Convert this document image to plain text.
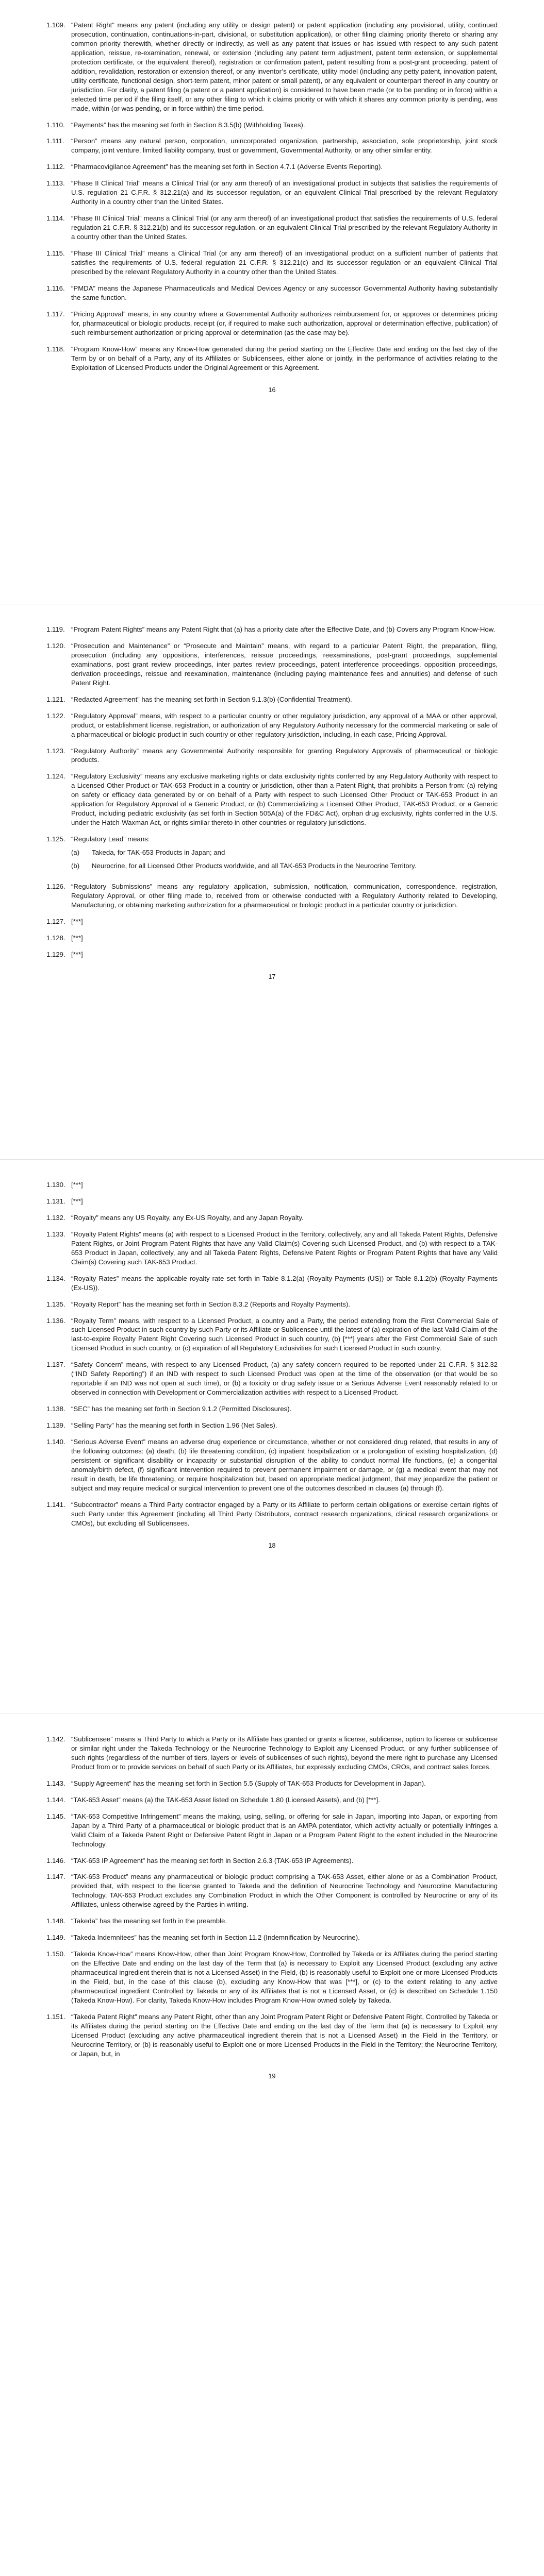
1.109. “Patent Right” means any patent (including any utility or design patent) or patent application (including any provisional, utility, continued prosecution, continuation, continuations-in-part, divisional, or substitution application), or other filing claiming priority thereto or sharing any common priority therewith, whether directly or indirectly, as well as any patent that issues or has issued with respect to any such patent application, reissue, re-examination, renewal, or extension (including any patent term adjustment, patent term extension, or supplemental protection certificate, or the equivalent thereof), registration or confirmation patent, patent resulting from a post-grant proceeding, patent of addition, revalidation, restoration or extension thereof, or any inventor’s certificate, utility model (including any petty patent, innovation patent, utility certificate, functional design, short-term patent, minor patent or small patent), or any equivalent or counterpart thereof in any country or jurisdiction. For clarity, a patent filing (a patent or a patent application) is considered to have been made (or to be pending or in force) within a selected time period if the filing itself, or any other filing to which it claims priority or with which it shares any common priority is pending, was made, within (or was pending, or in force within) the time period.
1.110. “Payments” has the meaning set forth in Section 8.3.5(b) (Withholding Taxes).
1.111.	“Person” means any natural person, corporation, unincorporated organization, partnership, association, sole proprietorship, joint stock company, joint venture, limited liability company, trust or government, Governmental Authority, or any other similar entity.
1.112. “Pharmacovigilance Agreement” has the meaning set forth in Section 4.7.1 (Adverse Events Reporting).
1.113. “Phase II Clinical Trial” means a Clinical Trial (or any arm thereof) of an investigational product in subjects that satisfies the requirements of U.S. regulation 21 C.F.R. § 312.21(a) and its successor regulation, or an equivalent Clinical Trial prescribed by the relevant Regulatory Authority in a country other than the United States.
1.114. “Phase III Clinical Trial” means a Clinical Trial (or any arm thereof) of an investigational product that satisfies the requirements of U.S. federal regulation 21 C.F.R. § 312.21(b) and its successor regulation, or an equivalent Clinical Trial prescribed by the relevant Regulatory Authority in a country other than the United States.
1.115. “Phase III Clinical Trial” means a Clinical Trial (or any arm thereof) of an investigational product on a sufficient number of patients that satisfies the requirements of U.S. federal regulation 21 C.F.R. § 312.21(c) and its successor regulation or an equivalent Clinical Trial prescribed by the relevant Regulatory Authority in a country other than the United States.
1.116. “PMDA” means the Japanese Pharmaceuticals and Medical Devices Agency or any successor Governmental Authority having substantially the same function.
1.117. “Pricing Approval” means, in any country where a Governmental Authority authorizes reimbursement for, or approves or determines pricing for, pharmaceutical or biologic products, receipt (or, if required to make such authorization, approval or determination effective, publication) of such reimbursement authorization or pricing approval or determination (as the case may be).
1.118. “Program Know-How” means any Know-How generated during the period starting on the Effective Date and ending on the last day of the Term by or on behalf of a Party, any of its Affiliates or Sublicensees, either alone or jointly, in the performance of activities relating to the Exploitation of Licensed Products under the Original Agreement or this Agreement.
16
1.119. “Program Patent Rights” means any Patent Right that (a) has a priority date after the Effective Date, and (b) Covers any Program Know-How.
1.120. “Prosecution and Maintenance” or “Prosecute and Maintain” means, with regard to a particular Patent Right, the preparation, filing, prosecution (including any oppositions, interferences, reissue proceedings, reexaminations, post-grant proceedings, supplemental examinations, post grant review proceedings, inter partes review proceedings, patent interference proceedings, opposition proceedings, derivation proceedings, reissue and reexamination, maintenance (including paying maintenance fees and annuities) and defense of such Patent Right.
1.121. “Redacted Agreement” has the meaning set forth in Section 9.1.3(b) (Confidential Treatment).
1.122. “Regulatory Approval” means, with respect to a particular country or other regulatory jurisdiction, any approval of a MAA or other approval, product, or establishment license, registration, or authorization of any Regulatory Authority necessary for the commercial marketing or sale of a pharmaceutical or biologic product in such country or other regulatory jurisdiction, including, in each case, Pricing Approval.
1.123. “Regulatory Authority” means any Governmental Authority responsible for granting Regulatory Approvals of pharmaceutical or biologic products.
1.124. “Regulatory Exclusivity” means any exclusive marketing rights or data exclusivity rights conferred by any Regulatory Authority with respect to a Licensed Other Product or TAK-653 Product in a country or jurisdiction, other than a Patent Right, that prohibits a Person from: (a) relying on safety or efficacy data generated by or on behalf of a Party with respect to such Licensed Other Product or TAK-653 Product in an application for Regulatory Approval of a Generic Product, or (b) Commercializing a Licensed Other Product, TAK-653 Product, or a Generic Product, including pediatric exclusivity (as set forth in Section 505A(a) of the FD&C Act), orphan drug exclusivity, rights conferred in the U.S. under the Hatch-Waxman Act, or rights similar thereto in other countries or regulatory jurisdictions.
1.125. “Regulatory Lead” means:
(a)	Takeda, for TAK-653 Products in Japan; and
(b)	Neurocrine, for all Licensed Other Products worldwide, and all TAK-653 Products in the Neurocrine Territory.
1.126. “Regulatory Submissions” means any regulatory application, submission, notification, communication, correspondence, registration, Regulatory Approval, or other filing made to, received from or otherwise conducted with a Regulatory Authority related to Developing, Manufacturing, or obtaining marketing authorization for a pharmaceutical or biologic product in a particular country or jurisdiction.
1.127. [***]
1.128. [***]
1.129. [***]
17
1.130. [***]
1.131. [***]
1.132. “Royalty” means any US Royalty, any Ex-US Royalty, and any Japan Royalty.
1.133. “Royalty Patent Rights” means (a) with respect to a Licensed Product in the Territory, collectively, any and all Takeda Patent Rights, Defensive Patent Rights, or Joint Program Patent Rights that have any Valid Claim(s) Covering such Licensed Product, and (b) with respect to a TAK-653 Product in Japan, collectively, any and all Takeda Patent Rights, Defensive Patent Rights or Program Patent Rights that have any Valid Claim(s) Covering such TAK-653 Product.
1.134. “Royalty Rates” means the applicable royalty rate set forth in Table 8.1.2(a) (Royalty Payments (US)) or Table 8.1.2(b) (Royalty Payments (Ex-US)).
1.135. “Royalty Report” has the meaning set forth in Section 8.3.2 (Reports and Royalty Payments).
1.136. “Royalty Term” means, with respect to a Licensed Product, a country and a Party, the period extending from the First Commercial Sale of such Licensed Product in such country by such Party or its Affiliate or Sublicensee until the latest of (a) expiration of the last Valid Claim of the last-to-expire Royalty Patent Right Covering such Licensed Product in such country, (b) [***] years after the First Commercial Sale of such Licensed Product in such country, or (c) expiration of all Regulatory Exclusivities for such Licensed Product in such country.
1.137. “Safety Concern” means, with respect to any Licensed Product, (a) any safety concern required to be reported under 21 C.F.R. § 312.32 (“IND Safety Reporting”) if an IND with respect to such Licensed Product was open at the time of the observation (or that would be so reportable if an IND was not open at such time), or (b) a toxicity or drug safety issue or a Serious Adverse Event reasonably related to or observed in connection with Development or Commercialization activities with respect to a Licensed Product.
1.138. “SEC” has the meaning set forth in Section 9.1.2 (Permitted Disclosures).
1.139. “Selling Party” has the meaning set forth in Section 1.96 (Net Sales).
1.140. “Serious Adverse Event” means an adverse drug experience or circumstance, whether or not considered drug related, that results in any of the following outcomes: (a) death, (b) life threatening condition, (c) inpatient hospitalization or a prolongation of existing hospitalization, (d) persistent or significant disability or incapacity or substantial disruption of the ability to conduct normal life functions, (e) a congenital anomaly/birth defect, (f) significant intervention required to prevent permanent impairment or damage, or (g) a medical event that may not result in death, be life threatening, or require hospitalization but, based on appropriate medical judgment, that may jeopardize the patient or subject and may require medical or surgical intervention to prevent one of the outcomes described in clauses (a) through (f).
1.141. “Subcontractor” means a Third Party contractor engaged by a Party or its Affiliate to perform certain obligations or exercise certain rights of such Party under this Agreement (including all Third Party Distributors, contract research organizations, clinical research organizations or CMOs), but excluding all Sublicensees.
18
1.142. “Sublicensee” means a Third Party to which a Party or its Affiliate has granted or grants a license, sublicense, option to license or sublicense or similar right under the Takeda Technology or the Neurocrine Technology to Exploit any Licensed Product, or any further sublicensee of such rights (regardless of the number of tiers, layers or levels of sublicenses of such rights), beyond the mere right to purchase any Licensed Product from or to provide services on behalf of such Party or its Affiliates, but expressly excluding CMOs, CROs, and contract sales forces.
1.143. “Supply Agreement” has the meaning set forth in Section 5.5 (Supply of TAK-653 Products for Development in Japan).
1.144. “TAK-653 Asset” means (a) the TAK-653 Asset listed on Schedule 1.80 (Licensed Assets), and (b) [***].
1.145. “TAK-653 Competitive Infringement” means the making, using, selling, or offering for sale in Japan, importing into Japan, or exporting from Japan by a Third Party of a pharmaceutical or biologic product that is an AMPA potentiator, which activity actually or potentially infringes a Valid Claim of a Takeda Patent Right or Defensive Patent Right in Japan or a Program Patent Right to the extent included in the Neurocrine Technology.
1.146. “TAK-653 IP Agreement” has the meaning set forth in Section 2.6.3 (TAK-653 IP Agreements).
1.147. “TAK-653 Product” means any pharmaceutical or biologic product comprising a TAK-653 Asset, either alone or as a Combination Product, provided that, with respect to the license granted to Takeda and the definition of Neurocrine Technology and Neurocrine Manufacturing Technology, TAK-653 Product excludes any Combination Product in which the Other Component is controlled by Neurocrine or any of its Affiliates, unless otherwise agreed by the Parties in writing.
1.148. “Takeda” has the meaning set forth in the preamble.
1.149. “Takeda Indemnitees” has the meaning set forth in Section 11.2 (Indemnification by Neurocrine).
1.150. “Takeda Know-How” means Know-How, other than Joint Program Know-How, Controlled by Takeda or its Affiliates during the period starting on the Effective Date and ending on the last day of the Term that (a) is necessary to Exploit any Licensed Product (excluding any active pharmaceutical ingredient therein that is not a Licensed Asset) in the Field, (b) is reasonably useful to Exploit one or more Licensed Products in the Field, but, in the case of this clause (b), excluding any Know-How that was [***], or (c) to the extent relating to any active pharmaceutical ingredient Controlled by Takeda or any of its Affiliates that is not a Licensed Asset, or (c) is described on Schedule 1.150 (Takeda Know-How). For clarity, Takeda Know-How includes Program Know-How owned solely by Takeda.
1.151. “Takeda Patent Right” means any Patent Right, other than any Joint Program Patent Right or Defensive Patent Right, Controlled by Takeda or its Affiliates during the period starting on the Effective Date and ending on the last day of the Term that (a) is necessary to Exploit any Licensed Product (excluding any active pharmaceutical ingredient therein that is not a Licensed Asset) in the Field in the Territory, or Neurocrine Territory, or (b) is reasonably useful to Exploit one or more Licensed Products in the Field in the Territory; the Neurocrine Territory, or Japan, but, in
19
